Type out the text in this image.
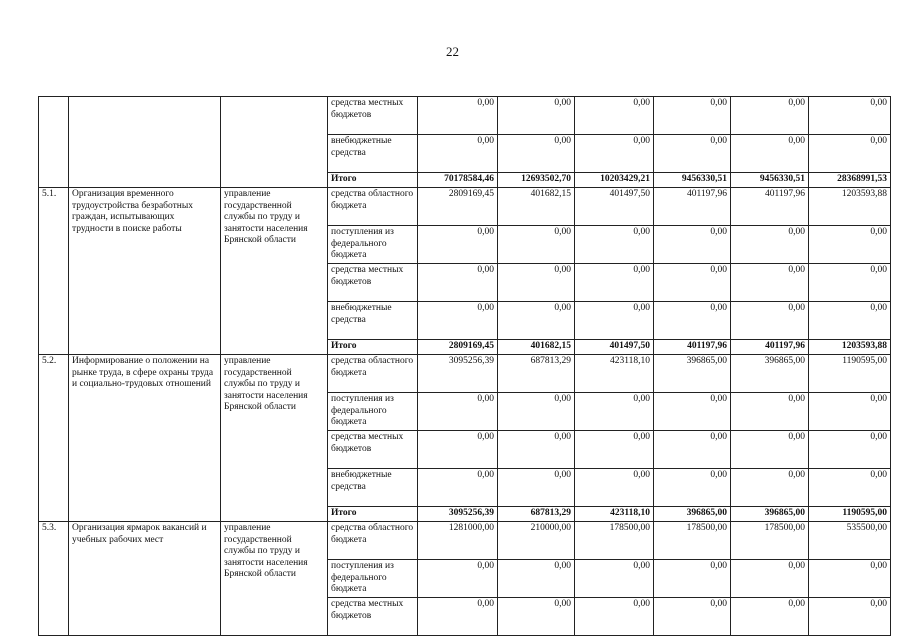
22
			средства местных бюджетов	0,00	0,00	0,00	0,00	0,00	0,00
			внебюджетные средства	0,00	0,00	0,00	0,00	0,00	0,00
			Итого	70178584,46	12693502,70	10203429,21	9456330,51	9456330,51	28368991,53
5.1.	Организация временного трудоустройства безработных граждан, испытывающих трудности в поиске работы	управление государственной службы по труду и занятости населения Брянской области	средства областного бюджета	2809169,45	401682,15	401497,50	401197,96	401197,96	1203593,88
			поступления из федерального бюджета	0,00	0,00	0,00	0,00	0,00	0,00
			средства местных бюджетов	0,00	0,00	0,00	0,00	0,00	0,00
			внебюджетные средства	0,00	0,00	0,00	0,00	0,00	0,00
			Итого	2809169,45	401682,15	401497,50	401197,96	401197,96	1203593,88
5.2.	Информирование о положении на рынке труда, в сфере охраны труда и социально-трудовых отношений	управление государственной службы по труду и занятости населения Брянской области	средства областного бюджета	3095256,39	687813,29	423118,10	396865,00	396865,00	1190595,00
			поступления из федерального бюджета	0,00	0,00	0,00	0,00	0,00	0,00
			средства местных бюджетов	0,00	0,00	0,00	0,00	0,00	0,00
			внебюджетные средства	0,00	0,00	0,00	0,00	0,00	0,00
			Итого	3095256,39	687813,29	423118,10	396865,00	396865,00	1190595,00
5.3.	Организация ярмарок вакансий и учебных рабочих мест	управление государственной службы по труду и занятости населения Брянской области	средства областного бюджета	1281000,00	210000,00	178500,00	178500,00	178500,00	535500,00
			поступления из федерального бюджета	0,00	0,00	0,00	0,00	0,00	0,00
			средства местных бюджетов	0,00	0,00	0,00	0,00	0,00	0,00
